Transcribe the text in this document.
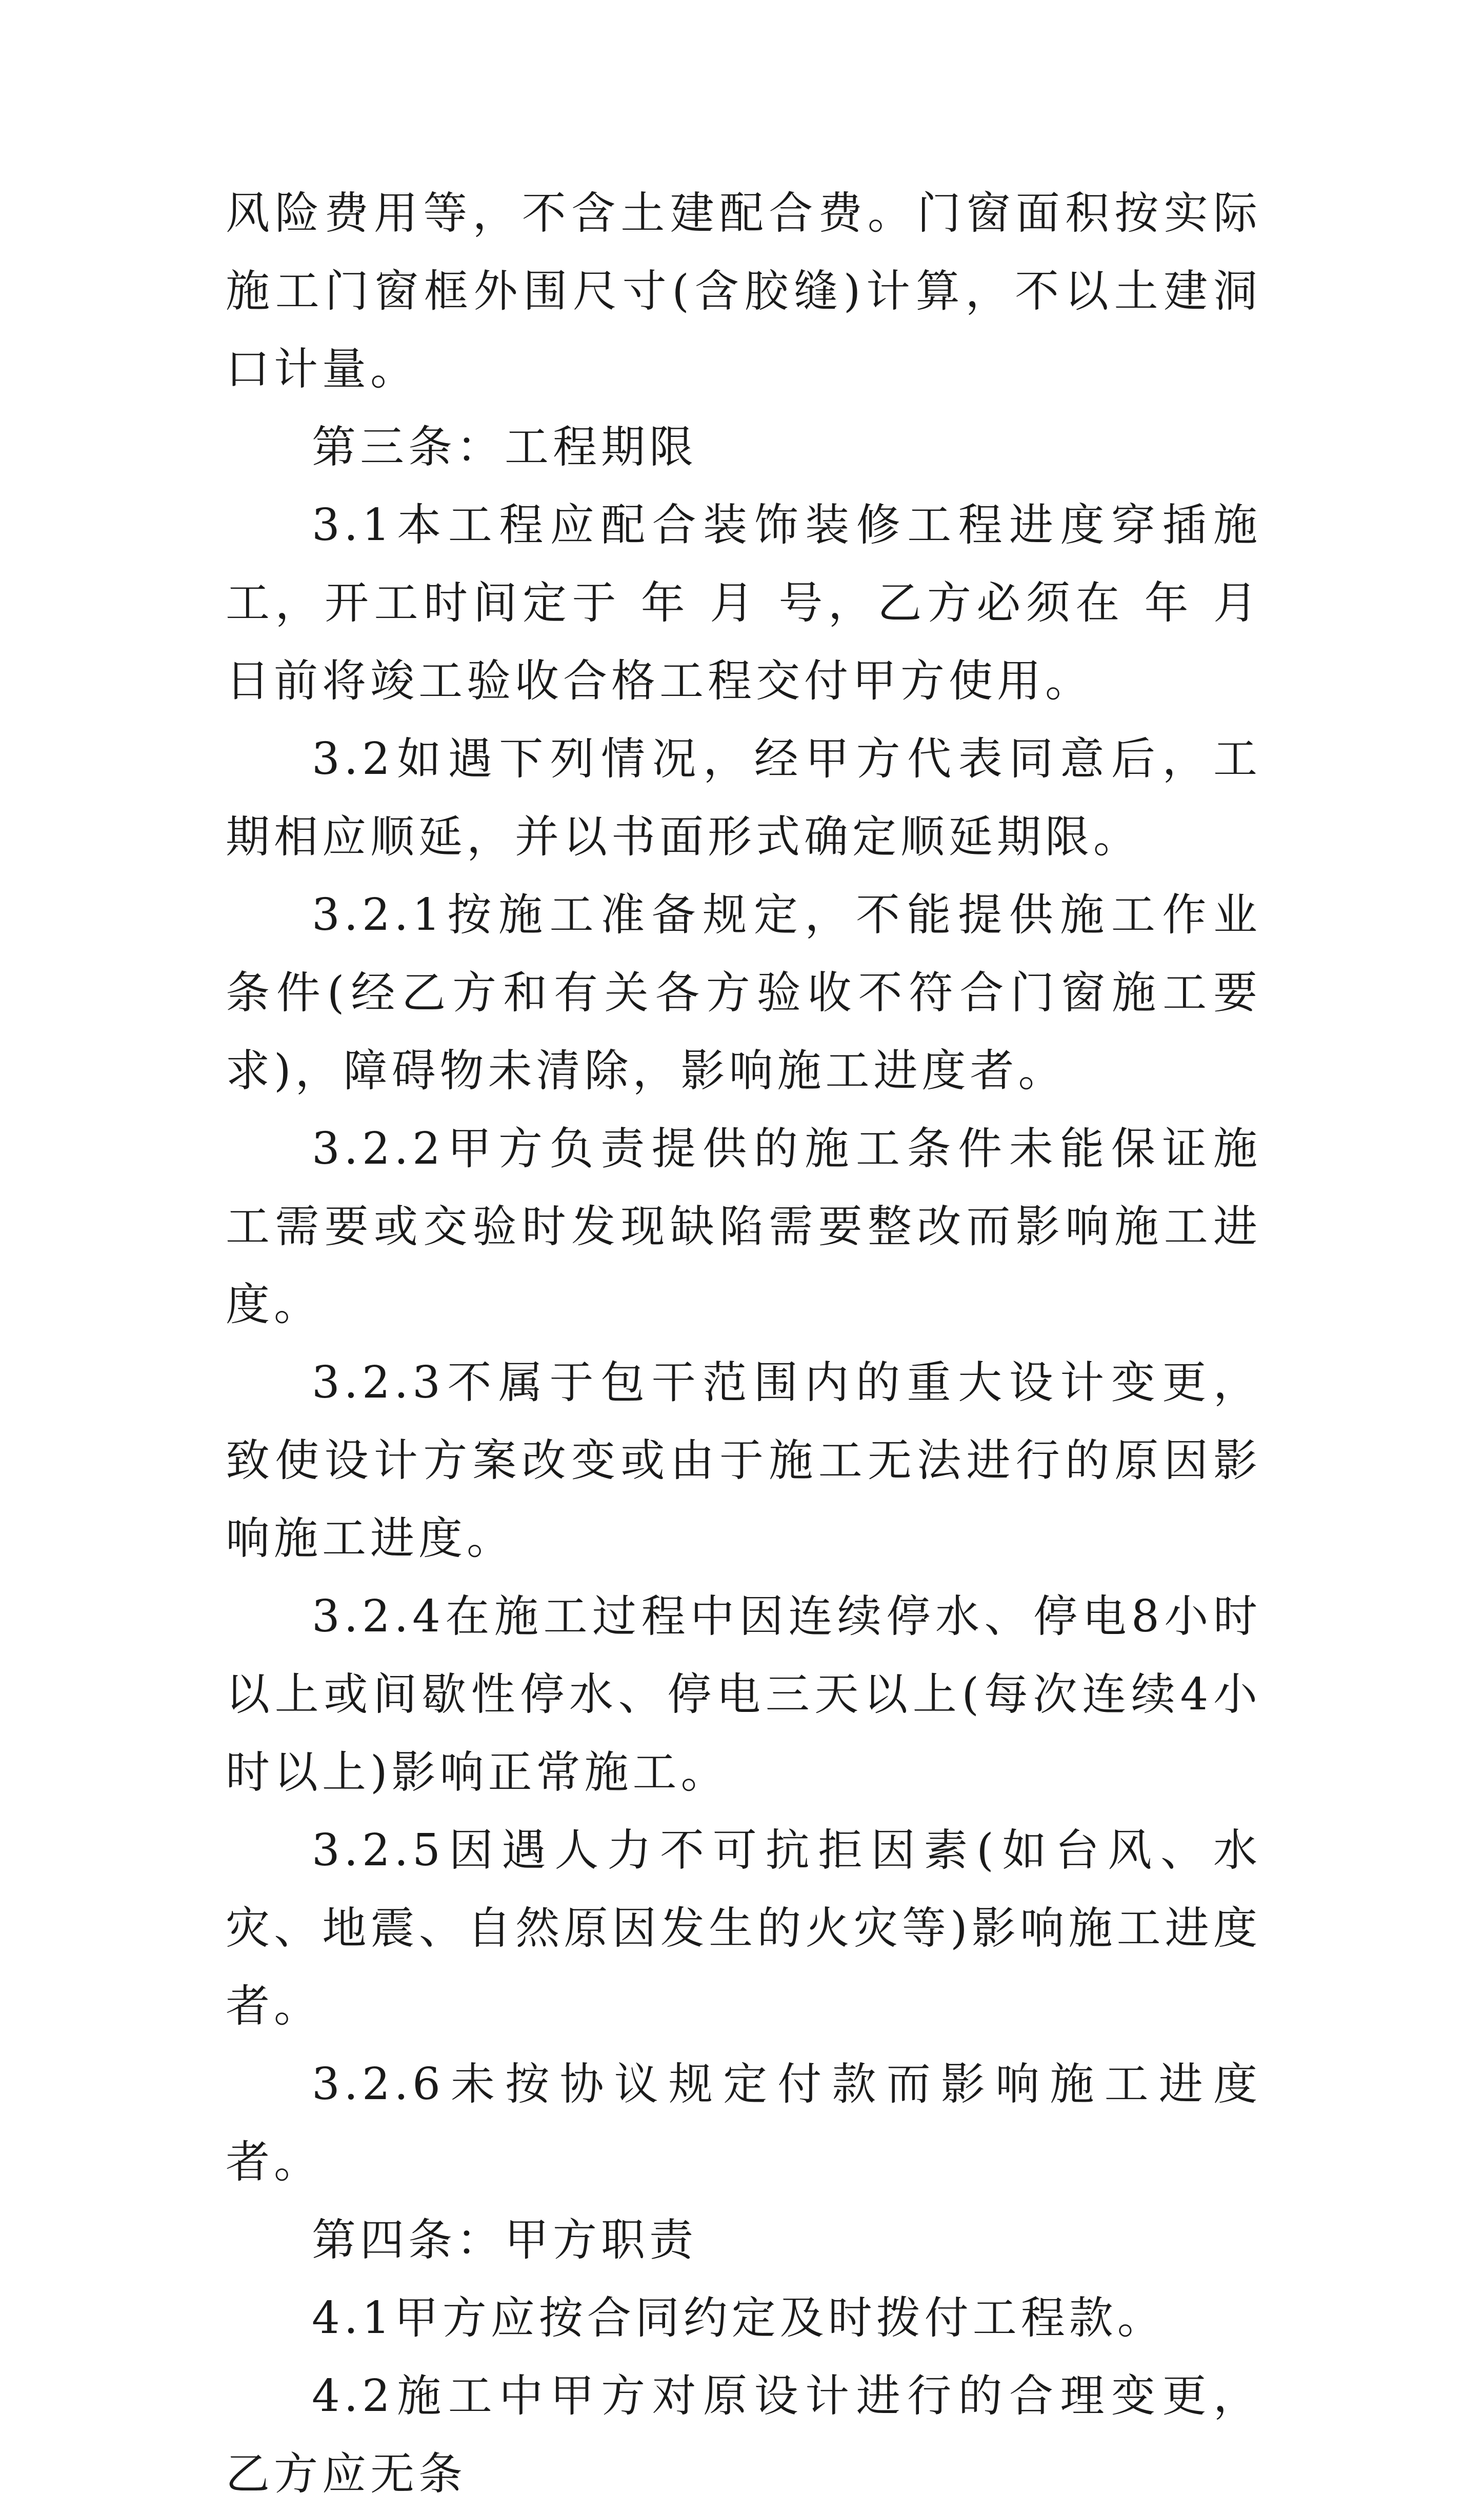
风险费用等，不含土建配合费。门窗面积按实际施工门窗框外围尺寸(含胶缝)计算，不以土建洞口计量。

第三条：工程期限

3.1本工程应配合装饰装修工程进度穿插施工，开工时间定于 年 月 号，乙方必须在 年 月 日前将竣工验收合格工程交付甲方使用。

3.2如遇下列情况，经甲方代表同意后，工期相应顺延，并以书面形式确定顺延期限。

3.2.1按施工准备规定，不能提供施工作业条件(经乙方和有关各方验收不符合门窗施工要求)，障碍物未清除，影响施工进度者。

3.2.2甲方负责提供的施工条件未能保证施工需要或交验时发现缺陷需要整改而影响施工进度。

3.2.3不属于包干范围内的重大设计变更，致使设计方案改变或由于施工无法进行的原因影响施工进度。

3.2.4在施工过程中因连续停水、停电8小时以上或间歇性停水、停电三天以上(每次连续4小时以上)影响正常施工。

3.2.5因遇人力不可抗拒因素(如台风、水灾、地震、自然原因发生的火灾等)影响施工进度者。

3.2.6未按协议规定付款而影响施工进度者。

第四条：甲方职责

4.1甲方应按合同约定及时拨付工程款。

4.2施工中甲方对原设计进行的合理变更，乙方应无条
